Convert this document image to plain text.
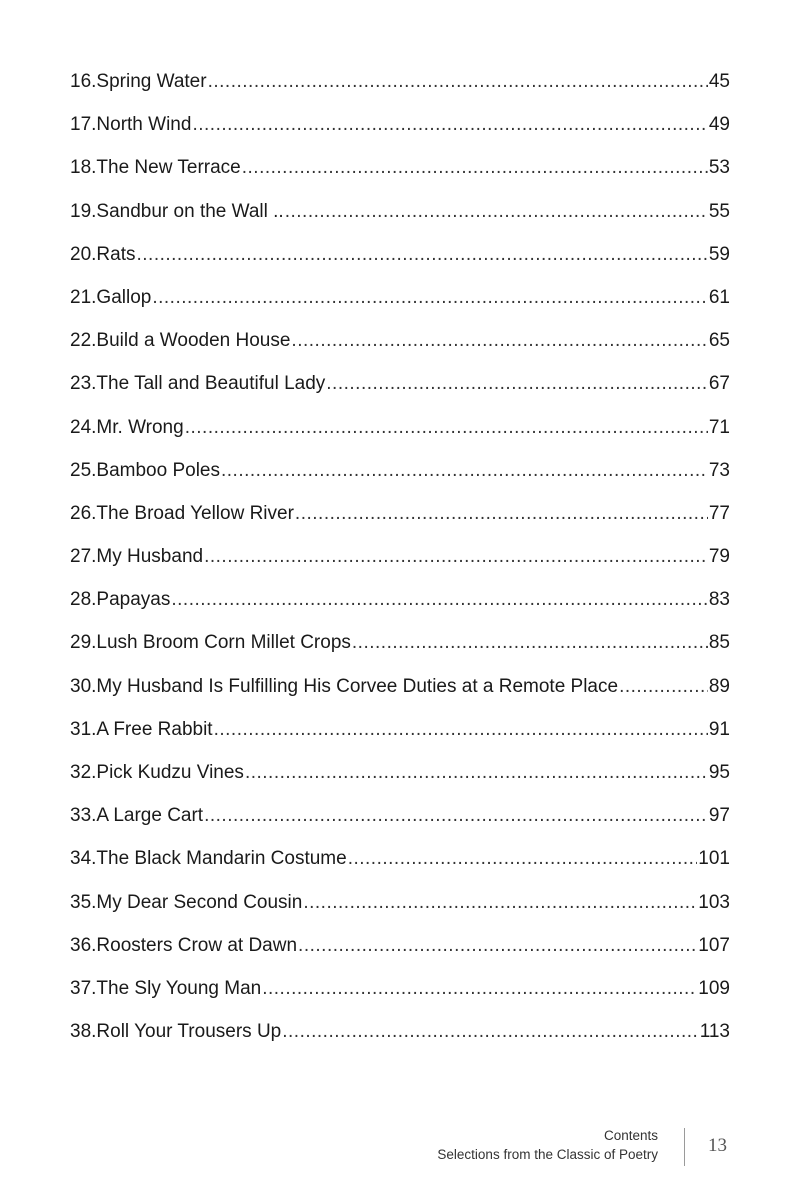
16.Spring Water .....	45
17.North Wind .....	49
18.The New Terrace .....	53
19.Sandbur on the Wall .. .....	55
20.Rats .....	59
21.Gallop .....	61
22.Build a Wooden House .....	65
23.The Tall and Beautiful Lady .....	67
24.Mr. Wrong .....	71
25.Bamboo Poles .....	73
26.The Broad Yellow River .....	77
27.My Husband .....	79
28.Papayas .....	83
29.Lush Broom Corn Millet Crops .....	85
30.My Husband Is Fulfilling His Corvee Duties at a Remote Place .....	89
31.A Free Rabbit .....	91
32.Pick Kudzu Vines .....	95
33.A Large Cart .....	97
34.The Black Mandarin Costume .....	101
35.My Dear Second Cousin .....	103
36.Roosters Crow at Dawn .....	107
37.The Sly Young Man .....	109
38.Roll Your Trousers Up .....	113
Contents
Selections from the Classic of Poetry	13
